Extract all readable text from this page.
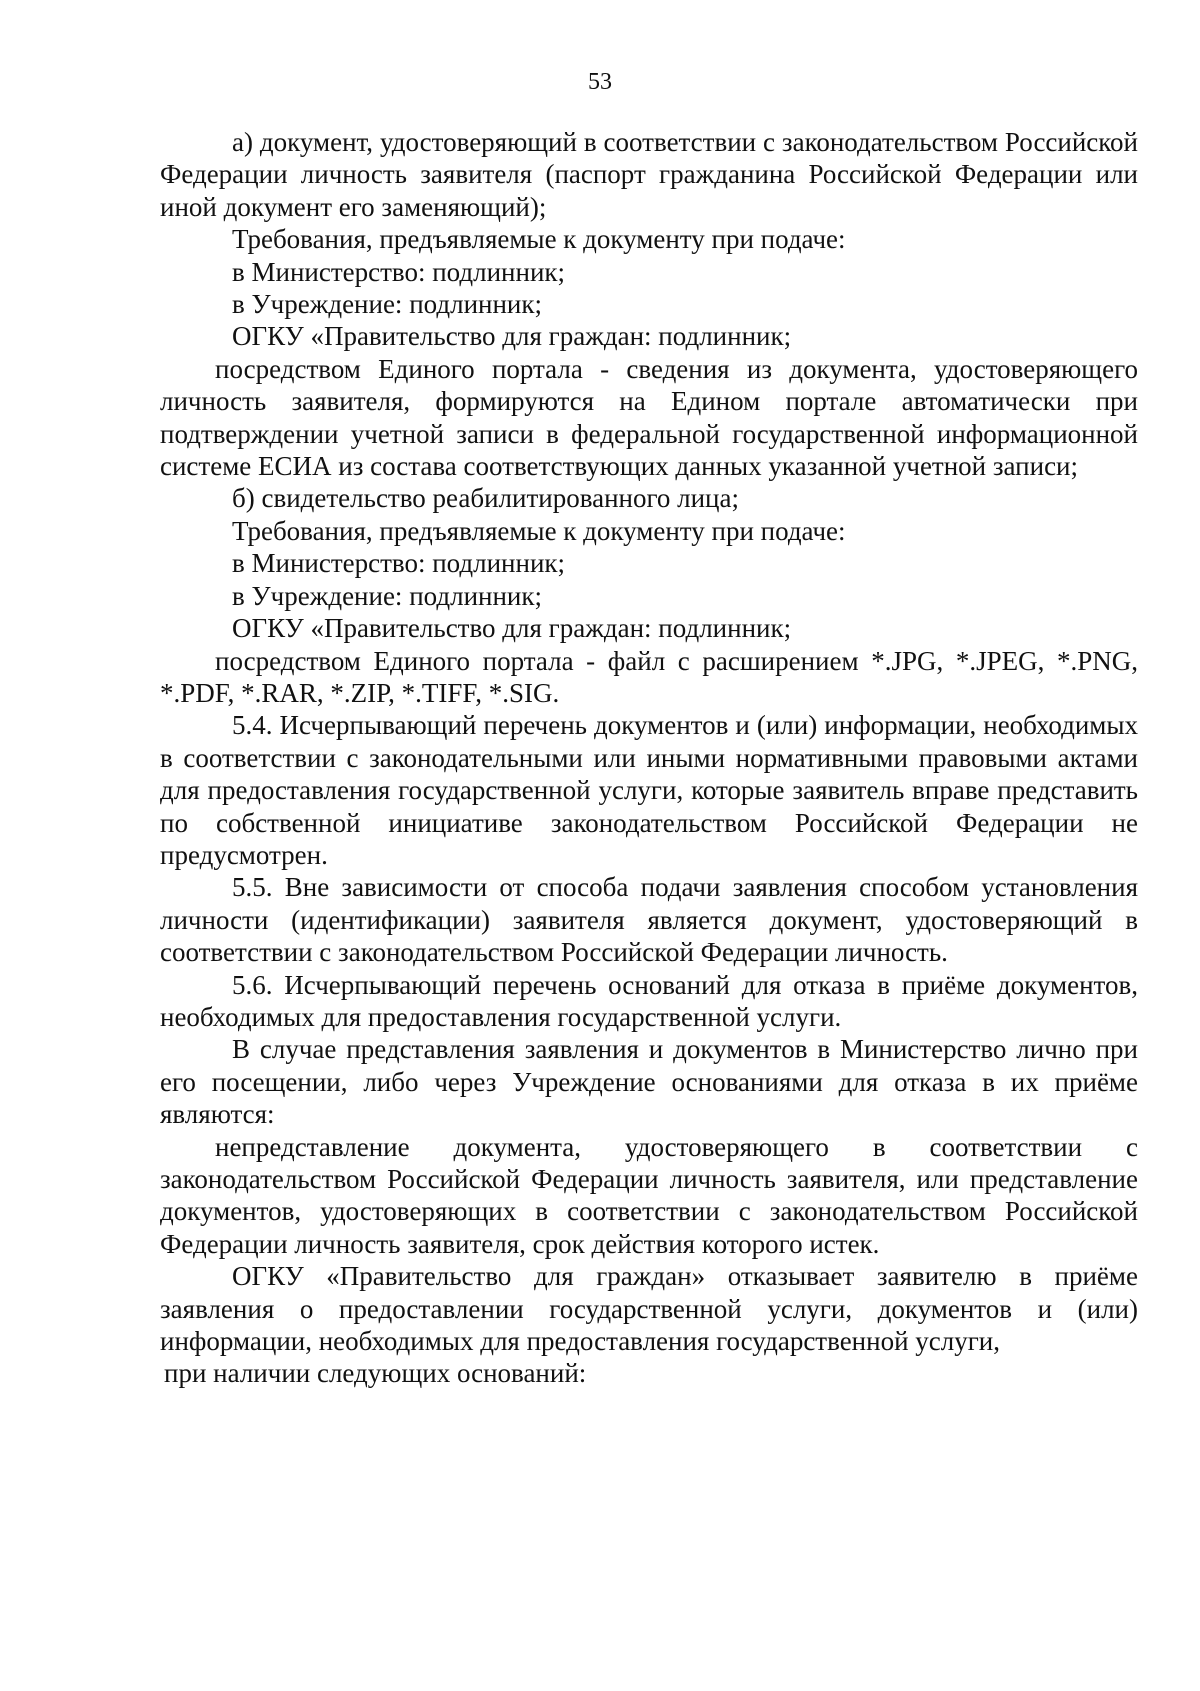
53

а) документ, удостоверяющий в соответствии с законодательством Российской Федерации личность заявителя (паспорт гражданина Российской Федерации или иной документ его заменяющий);

Требования, предъявляемые к документу при подаче:

в Министерство: подлинник;

в Учреждение: подлинник;

ОГКУ «Правительство для граждан: подлинник;

посредством Единого портала - сведения из документа, удостоверяющего личность заявителя, формируются на Едином портале автоматически при подтверждении учетной записи в федеральной государственной информационной системе ЕСИА из состава соответствующих данных указанной учетной записи;

б) свидетельство реабилитированного лица;

Требования, предъявляемые к документу при подаче:

в Министерство: подлинник;

в Учреждение: подлинник;

ОГКУ «Правительство для граждан: подлинник;

посредством Единого портала - файл с расширением *.JPG, *.JPEG, *.PNG, *.PDF, *.RAR, *.ZIP, *.TIFF, *.SIG.

5.4. Исчерпывающий перечень документов и (или) информации, необходимых в соответствии с законодательными или иными нормативными правовыми актами для предоставления государственной услуги, которые заявитель вправе представить по собственной инициативе законодательством Российской Федерации не предусмотрен.

5.5. Вне зависимости от способа подачи заявления способом установления личности (идентификации) заявителя является документ, удостоверяющий в соответствии с законодательством Российской Федерации личность.

5.6. Исчерпывающий перечень оснований для отказа в приёме документов, необходимых для предоставления государственной услуги.

В случае представления заявления и документов в Министерство лично при его посещении, либо через Учреждение основаниями для отказа в их приёме являются:

непредставление документа, удостоверяющего в соответствии с законодательством Российской Федерации личность заявителя, или представление документов, удостоверяющих в соответствии с законодательством Российской Федерации личность заявителя, срок действия которого истек.

ОГКУ «Правительство для граждан» отказывает заявителю в приёме заявления о предоставлении государственной услуги, документов и (или) информации, необходимых для предоставления государственной услуги,

при наличии следующих оснований:
